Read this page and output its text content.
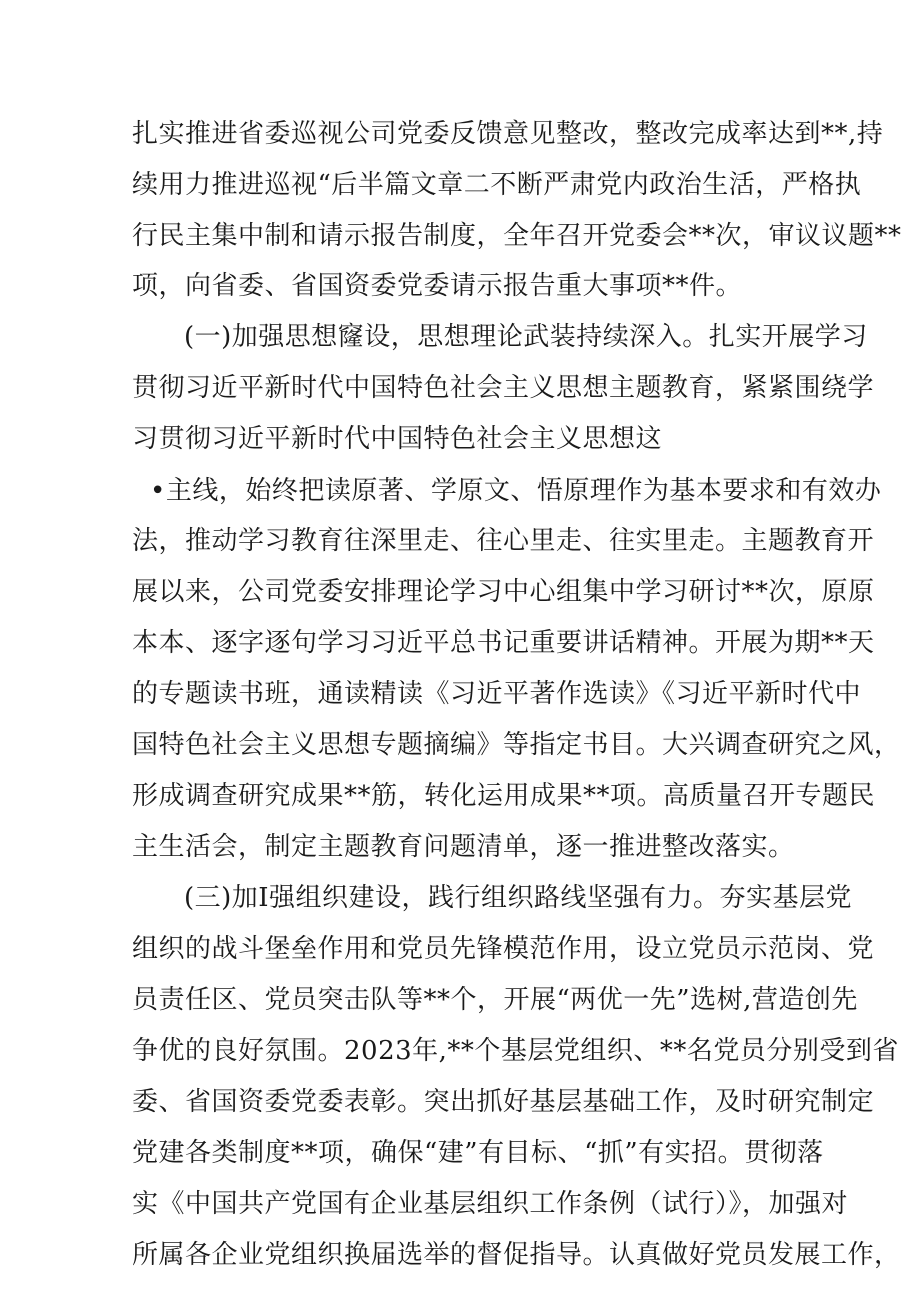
扎实推进省委巡视公司党委反馈意见整改，整改完成率达到**,持
续用力推进巡视“后半篇文章二不断严肃党内政治生活，严格执
行民主集中制和请示报告制度，全年召开党委会**次，审议议题**
项，向省委、省国资委党委请示报告重大事项**件。
(一)加强思想窿设，思想理论武装持续深入。扎实开展学习
贯彻习近平新时代中国特色社会主义思想主题教育，紧紧围绕学
习贯彻习近平新时代中国特色社会主义思想这
•主线，始终把读原著、学原文、悟原理作为基本要求和有效办
法，推动学习教育往深里走、往心里走、往实里走。主题教育开
展以来，公司党委安排理论学习中心组集中学习研讨**次，原原
本本、逐字逐句学习习近平总书记重要讲话精神。开展为期**天
的专题读书班，通读精读《习近平著作选读》《习近平新时代中
国特色社会主义思想专题摘编》等指定书目。大兴调查研究之风，
形成调查研究成果**筋，转化运用成果**项。高质量召开专题民
主生活会，制定主题教育问题清单，逐一推进整改落实。
(三)加I强组织建设，践行组织路线坚强有力。夯实基层党
组织的战斗堡垒作用和党员先锋模范作用，设立党员示范岗、党
员责任区、党员突击队等**个，开展“两优一先”选树,营造创先
争优的良好氛围。2023年,**个基层党组织、**名党员分别受到省
委、省国资委党委表彰。突出抓好基层基础工作，及时研究制定
党建各类制度**项，确保“建”有目标、“抓”有实招。贯彻落
实《中国共产党国有企业基层组织工作条例（试行）》，加强对
所属各企业党组织换届选举的督促指导。认真做好党员发展工作，
